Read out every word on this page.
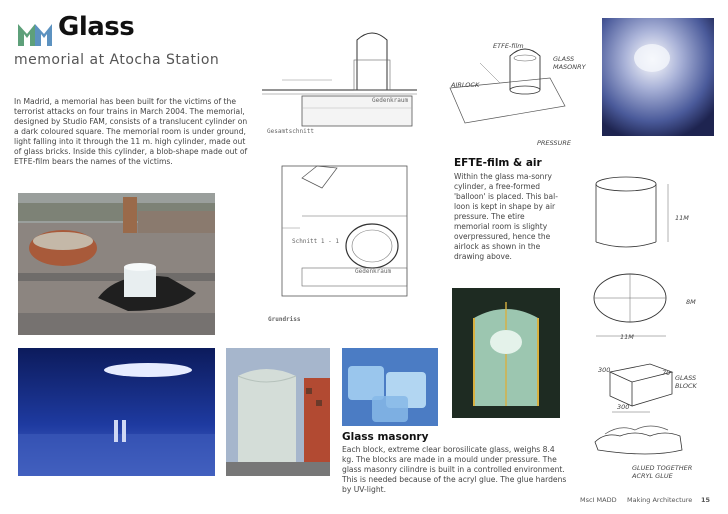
Glass
memorial at Atocha Station
In Madrid, a memorial has been built for the victims of the terrorist attacks on four trains in March 2004. The memorial, designed by Studio FAM, consists of a translucent cylinder on a dark coloured square. The memorial room is under ground, light falling into it through the 11 m. high cylinder, made out of glass bricks. Inside this cylinder, a blob-shape made out of ETFE-film bears the names of the victims.
Gesamtschnitt
Schnitt 1 - 1
Gedenkraum
Gedenkraum
Grundriss
ETFE-film
GLASS MASONRY
AIRLOCK
PRESSURE
EFTE-film & air
Within the glass ma-sonry cylinder, a free-formed 'balloon' is placed. This bal-loon is kept in shape by air pressure. The etire memorial room is slighty overpressured, hence the airlock as shown in the drawing above.
11M
8M
11M
300	70
GLASS BLOCK
300
GLUED TOGETHER ACRYL GLUE
Glass masonry
Each block, extreme clear borosilicate glass, weighs 8.4 kg. The blocks are made in a mould under pressure. The glass masonry cilindre is built in a controlled environment. This is needed because of the acryl glue. The glue hardens by UV-light.
MscI MADD Making Architecture 15
